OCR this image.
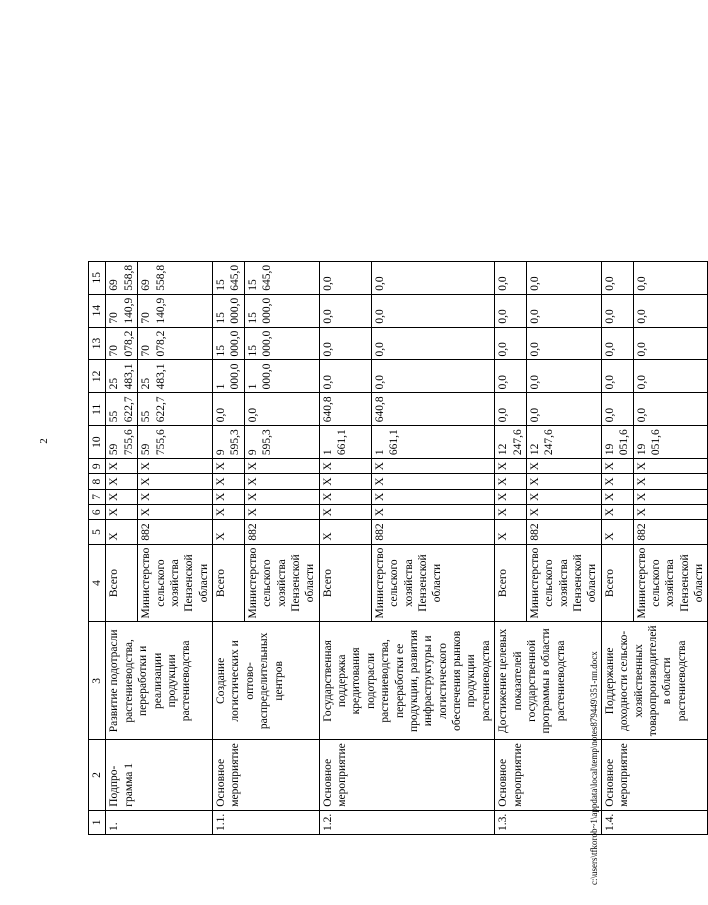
2
1	2	3	4	5	6	7	8	9	10	11	12	13	14	15
1.	Подпро-грамма 1	Развитие подотрасли растениеводства, переработки и реализации продукции растениеводства	Всего	Х	Х	Х	Х	Х	59 755,6	55 622,7	25 483,1	70 078,2	70 140,9	69 558,8
			Министерство сельского хозяйства Пензенской области	882	Х	Х	Х	Х	59 755,6	55 622,7	25 483,1	70 078,2	70 140,9	69 558,8
1.1.	Основное мероприятие	Создание логистических и оптово-распределительных центров	Всего	Х	Х	Х	Х	Х	9 595,3	0,0	1 000,0	15 000,0	15 000,0	15 645,0
			Министерство сельского хозяйства Пензенской области	882	Х	Х	Х	Х	9 595,3	0,0	1 000,0	15 000,0	15 000,0	15 645,0
1.2.	Основное мероприятие	Государственная поддержка кредитования подотрасли растениеводства, переработки ее продукции, развития инфраструктуры и логистического обеспечения рынков продукции растениеводства	Всего	Х	Х	Х	Х	Х	1 661,1	640,8	0,0	0,0	0,0	0,0
			Министерство сельского хозяйства Пензенской области	882	Х	Х	Х	Х	1 661,1	640,8	0,0	0,0	0,0	0,0
1.3.	Основное мероприятие	Достижение целевых показателей государственной программы в области растениеводства	Всего	Х	Х	Х	Х	Х	12 247,6	0,0	0,0	0,0	0,0	0,0
			Министерство сельского хозяйства Пензенской области	882	Х	Х	Х	Х	12 247,6	0,0	0,0	0,0	0,0	0,0
1.4.	Основное мероприятие	Поддержание доходности сельско-хозяйственных товаропроизводителей в области растениеводства	Всего	Х	Х	Х	Х	Х	19 051,6	0,0	0,0	0,0	0,0	0,0
			Министерство сельского хозяйства Пензенской области	882	Х	Х	Х	Х	19 051,6	0,0	0,0	0,0	0,0	0,0
c:\users\tfkorob~1\appdata\local\temp\notes879449\351-пп.docx
